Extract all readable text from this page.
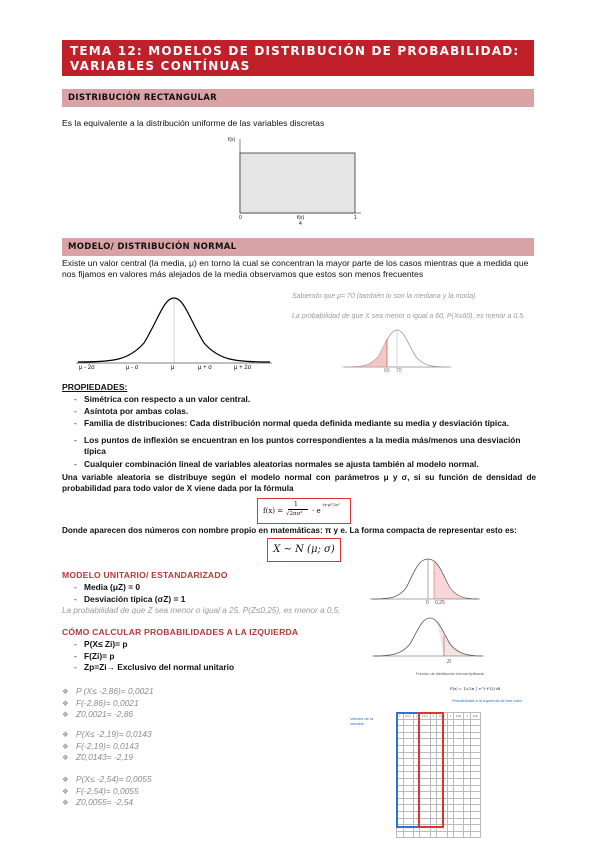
TEMA 12: MODELOS DE DISTRIBUCIÓN DE PROBABILIDAD:
VARIABLES CONTÍNUAS
DISTRIBUCIÓN RECTANGULAR
Es la equivalente a la distribución uniforme de las variables discretas
f(x)
0	1
f(x)
4
MODELO/ DISTRIBUCIÓN NORMAL
Existe un valor central (la media, μ) en torno la cual se concentran la mayor parte de los casos mientras que a medida que nos fijamos en valores más alejados de la media observamos que estos son menos frecuentes
μ - 2σ	μ - σ	μ	μ + σ	μ + 2σ
Sabiendo que μ= 70 (también lo son la mediana y la moda)
La probabilidad de que X sea menor o igual a 60, P(X≤60), es menor a 0,5.
60 70
PROPIEDADES:
- Simétrica con respecto a un valor central.
- Asíntota por ambas colas.
- Familia de distribuciones: Cada distribución normal queda definida mediante su media y desviación típica.
- Los puntos de inflexión se encuentran en los puntos correspondientes a la media más/menos una desviación típica
- Cualquier combinación lineal de variables aleatorias normales se ajusta también al modelo normal.
Una variable aleatoria se distribuye según el modelo normal con parámetros μ y σ, si su función de densidad de probabilidad para todo valor de X viene dada por la fórmula
f(x) =
1
√2πσ² · e
-(x-μ)²/2σ²
Donde aparecen dos números con nombre propio en matemáticas: π y e. La forma compacta de representar esto es:
X ~ N (μ; σ)
MODELO UNITARIO/ ESTANDARIZADO
- Media (μZ) = 0
- Desviación típica (σZ) = 1
La probabilidad de que Z sea menor o igual a 25, P(Z≤0,25), es menor a 0,5.
0 0,25
CÓMO CALCULAR PROBABILIDADES A LA IZQUIERDA
- P(X≤ Zi)= p
- F(Zi)= p
- Zp=Zi→ Exclusivo del normal unitario	Zi
❖ P (X≤ -2,86)= 0,0021
❖ F(-2,86)= 0,0021
❖ Z0,0021= -2,86
❖ P(X≤ -2,19)= 0,0143
❖ F(-2,19)= 0,0143
❖ Z0,0143= -2,19
❖ P(X≤ -2,54)= 0,0055
❖ F(-2,54)= 0,0055
❖ Z0,0055= -2,54
Función de distribución normal tipificada
F(z) = 1/√2π ∫ e^(-t²/2) dt
Probabilidad a la izquierda de ese valor
Valores de la variable
z	F(z)	z	F(z)	z	F(z)	z	F(z)	z	F(z)
